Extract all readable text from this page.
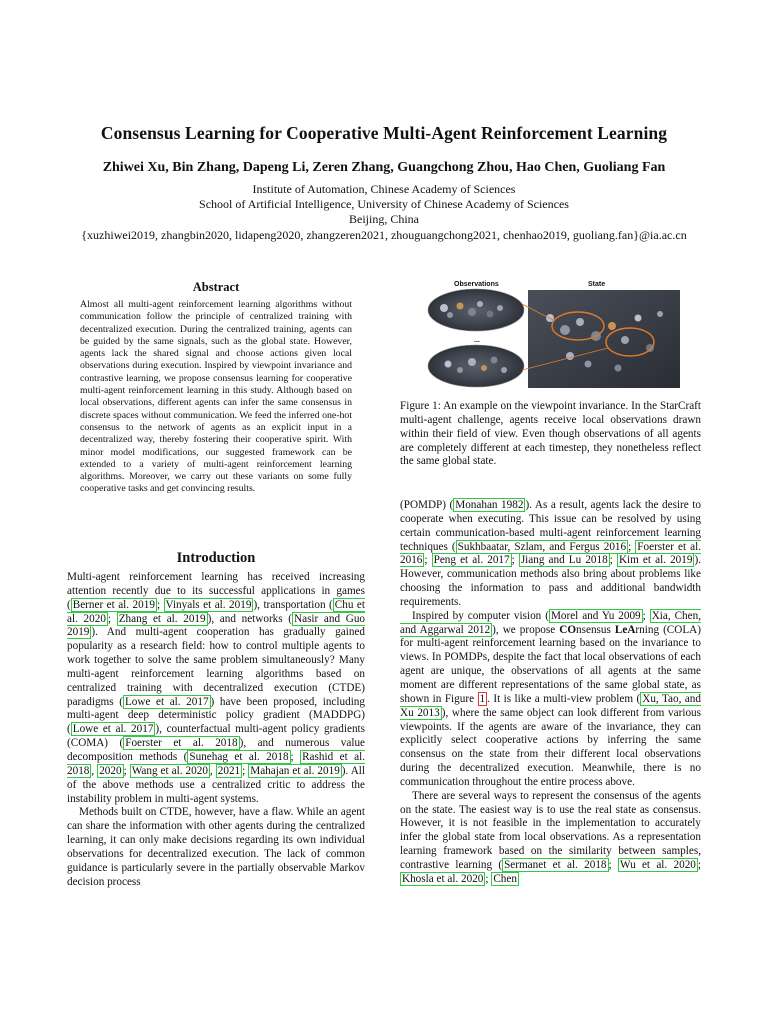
Consensus Learning for Cooperative Multi-Agent Reinforcement Learning
Zhiwei Xu, Bin Zhang, Dapeng Li, Zeren Zhang, Guangchong Zhou, Hao Chen, Guoliang Fan
Institute of Automation, Chinese Academy of Sciences
School of Artificial Intelligence, University of Chinese Academy of Sciences
Beijing, China
{xuzhiwei2019, zhangbin2020, lidapeng2020, zhangzeren2021, zhouguangchong2021, chenhao2019, guoliang.fan}@ia.ac.cn
Abstract
Almost all multi-agent reinforcement learning algorithms without communication follow the principle of centralized training with decentralized execution. During the centralized training, agents can be guided by the same signals, such as the global state. However, agents lack the shared signal and choose actions given local observations during execution. Inspired by viewpoint invariance and contrastive learning, we propose consensus learning for cooperative multi-agent reinforcement learning in this study. Although based on local observations, different agents can infer the same consensus in discrete spaces without communication. We feed the inferred one-hot consensus to the network of agents as an explicit input in a decentralized way, thereby fostering their cooperative spirit. With minor model modifications, our suggested framework can be extended to a variety of multi-agent reinforcement learning algorithms. Moreover, we carry out these variants on some fully cooperative tasks and get convincing results.
Introduction

Multi-agent reinforcement learning has received increasing attention recently due to its successful applications in games ( Berner et al. 2019 ; Vinyals et al. 2019 ), transportation ( Chu et al. 2020 ; Zhang et al. 2019 ), and networks ( Nasir and Guo 2019 ). And multi-agent cooperation has gradually gained popularity as a research field: how to control multiple agents to work together to solve the same problem simultaneously? Many multi-agent reinforcement learning algorithms based on centralized training with decentralized execution (CTDE) paradigms ( Lowe et al. 2017 ) have been proposed, including multi-agent deep deterministic policy gradient (MADDPG) ( Lowe et al. 2017 ), counterfactual multi-agent policy gradients (COMA) ( Foerster et al. 2018 ), and numerous value decomposition methods ( Sunehag et al. 2018 ; Rashid et al. 2018 , 2020 ; Wang et al. 2020 , 2021 ; Mahajan et al. 2019 ). All of the above methods use a centralized critic to address the instability problem in multi-agent systems.

Methods built on CTDE, however, have a flaw. While an agent can share the information with other agents during the centralized learning, it can only make decisions regarding its own individual observations for decentralized execution. The lack of common guidance is particularly severe in the partially observable Markov decision process

Observations	State
...
Figure 1: An example on the viewpoint invariance. In the StarCraft multi-agent challenge, agents receive local observations drawn within their field of view. Even though observations of all agents are completely different at each timestep, they nonetheless reflect the same global state.

(POMDP) ( Monahan 1982 ). As a result, agents lack the desire to cooperate when executing. This issue can be resolved by using certain communication-based multi-agent reinforcement learning techniques ( Sukhbaatar, Szlam, and Fergus 2016 ; Foerster et al. 2016 ; Peng et al. 2017 ; Jiang and Lu 2018 ; Kim et al. 2019 ). However, communication methods also bring about problems like choosing the information to pass and additional bandwidth requirements.

Inspired by computer vision ( Morel and Yu 2009 ; Xia, Chen, and Aggarwal 2012 ), we propose COnsensus LeArning (COLA) for multi-agent reinforcement learning based on the invariance to views. In POMDPs, despite the fact that local observations of each agent are unique, the observations of all agents at the same moment are different representations of the same global state, as shown in Figure 1 . It is like a multi-view problem ( Xu, Tao, and Xu 2013 ), where the same object can look different from various viewpoints. If the agents are aware of the invariance, they can explicitly select cooperative actions by inferring the same consensus on the state from their different local observations during the decentralized execution. Meanwhile, there is no communication throughout the entire process above.

There are several ways to represent the consensus of the agents on the state. The easiest way is to use the real state as consensus. However, it is not feasible in the implementation to accurately infer the global state from local observations. As a representation learning framework based on the similarity between samples, contrastive learning ( Sermanet et al. 2018 ; Wu et al. 2020 ; Khosla et al. 2020 ; Chen
